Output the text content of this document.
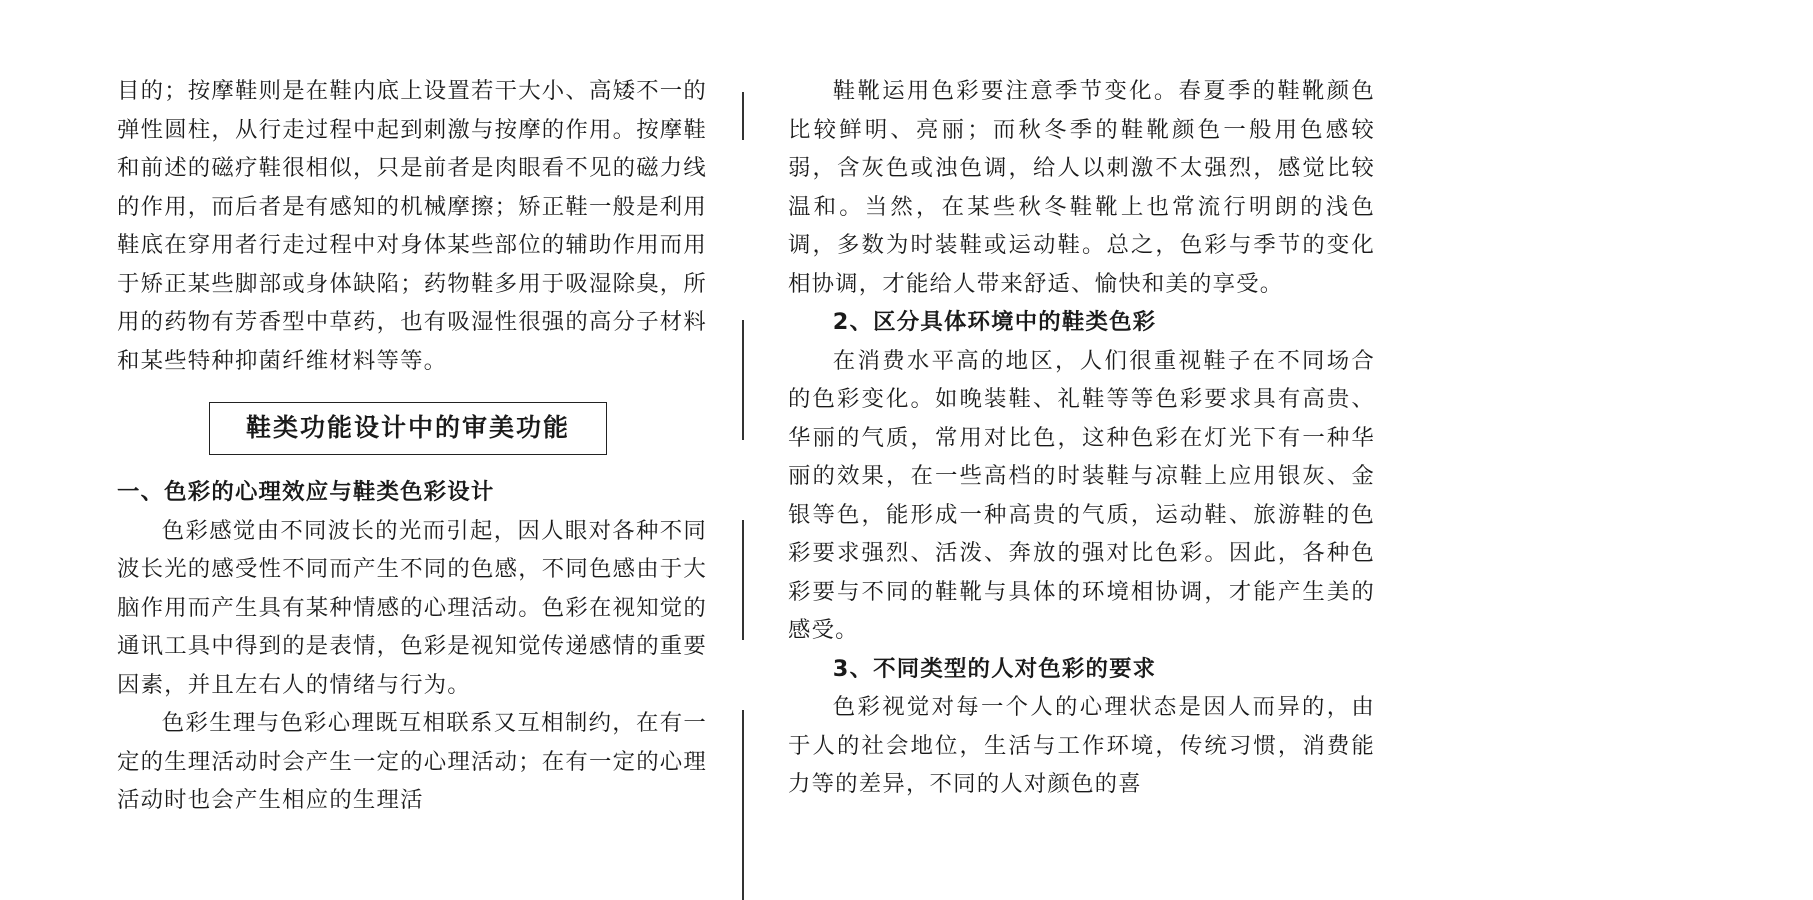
目的；按摩鞋则是在鞋内底上设置若干大小、高矮不一的弹性圆柱，从行走过程中起到刺激与按摩的作用。按摩鞋和前述的磁疗鞋很相似，只是前者是肉眼看不见的磁力线的作用，而后者是有感知的机械摩擦；矫正鞋一般是利用鞋底在穿用者行走过程中对身体某些部位的辅助作用而用于矫正某些脚部或身体缺陷；药物鞋多用于吸湿除臭，所用的药物有芳香型中草药，也有吸湿性很强的高分子材料和某些特种抑菌纤维材料等等。

鞋类功能设计中的审美功能

一、色彩的心理效应与鞋类色彩设计

色彩感觉由不同波长的光而引起，因人眼对各种不同波长光的感受性不同而产生不同的色感，不同色感由于大脑作用而产生具有某种情感的心理活动。色彩在视知觉的通讯工具中得到的是表情，色彩是视知觉传递感情的重要因素，并且左右人的情绪与行为。

色彩生理与色彩心理既互相联系又互相制约，在有一定的生理活动时会产生一定的心理活动；在有一定的心理活动时也会产生相应的生理活

鞋靴运用色彩要注意季节变化。春夏季的鞋靴颜色比较鲜明、亮丽；而秋冬季的鞋靴颜色一般用色感较弱，含灰色或浊色调，给人以刺激不太强烈，感觉比较温和。当然，在某些秋冬鞋靴上也常流行明朗的浅色调，多数为时装鞋或运动鞋。总之，色彩与季节的变化相协调，才能给人带来舒适、愉快和美的享受。

2、区分具体环境中的鞋类色彩

在消费水平高的地区，人们很重视鞋子在不同场合的色彩变化。如晚装鞋、礼鞋等等色彩要求具有高贵、华丽的气质，常用对比色，这种色彩在灯光下有一种华丽的效果，在一些高档的时装鞋与凉鞋上应用银灰、金银等色，能形成一种高贵的气质，运动鞋、旅游鞋的色彩要求强烈、活泼、奔放的强对比色彩。因此，各种色彩要与不同的鞋靴与具体的环境相协调，才能产生美的感受。

3、不同类型的人对色彩的要求

色彩视觉对每一个人的心理状态是因人而异的，由于人的社会地位，生活与工作环境，传统习惯，消费能力等的差异，不同的人对颜色的喜
